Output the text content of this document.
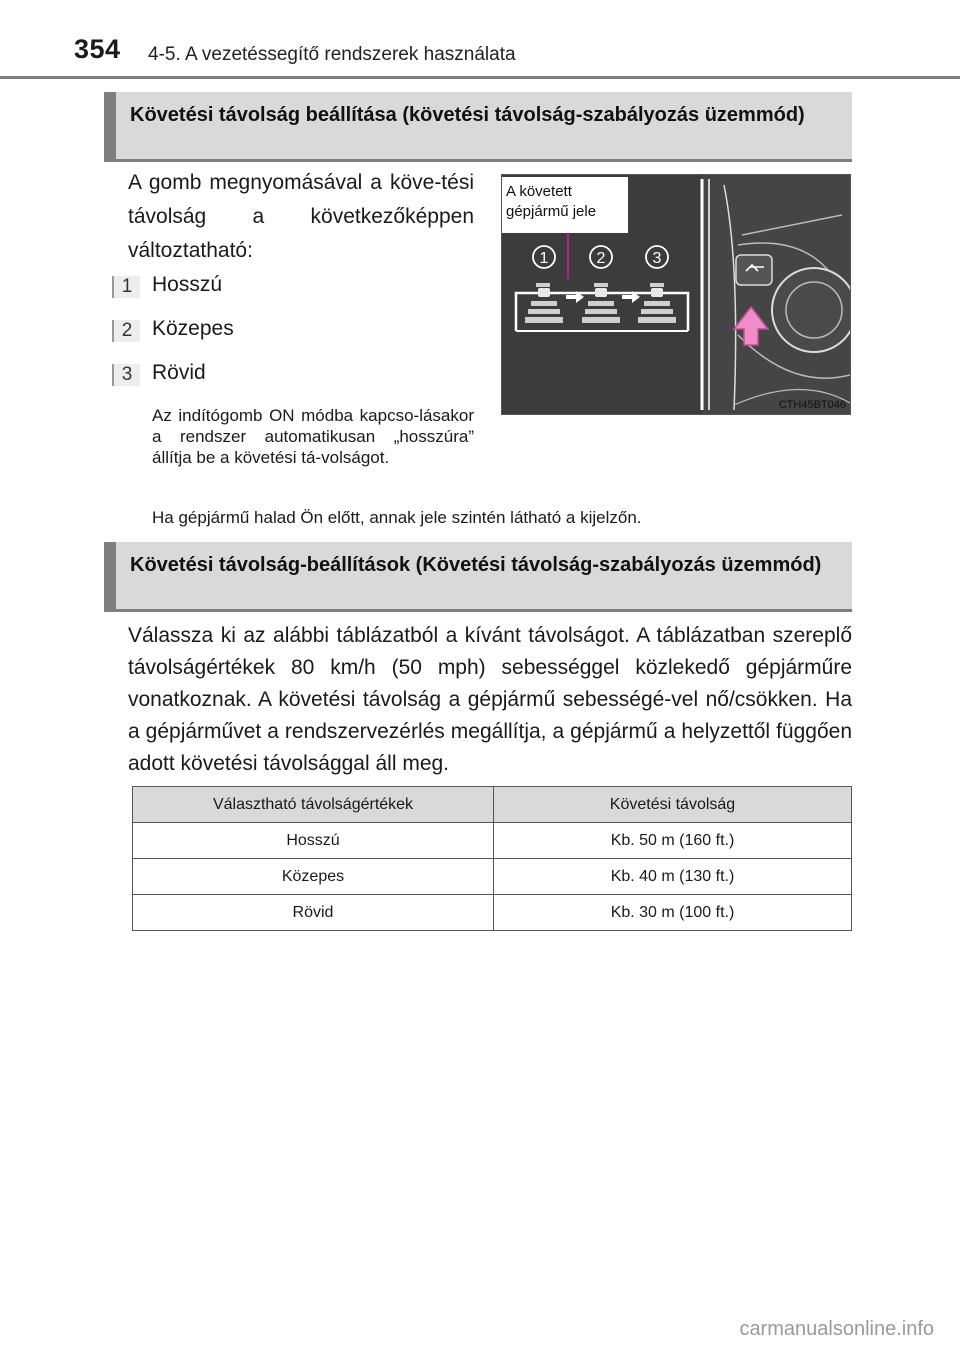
354 4-5. A vezetéssegítő rendszerek használata
Követési távolság beállítása (követési távolság-szabályozás üzemmód)
A gomb megnyomásával a köve-tési távolság a következőképpen változtatható:
1 Hosszú
2 Közepes
3 Rövid
Az indítógomb ON módba kapcso-lásakor a rendszer automatikusan „hosszúra” állítja be a követési tá-volságot.
Ha gépjármű halad Ön előtt, annak jele szintén látható a kijelzőn.
1	2	3
A követett gépjármű jele
CTH45BT046
Követési távolság-beállítások (Követési távolság-szabályozás üzemmód)
Válassza ki az alábbi táblázatból a kívánt távolságot. A táblázatban szereplő távolságértékek 80 km/h (50 mph) sebességgel közlekedő gépjárműre vonatkoznak. A követési távolság a gépjármű sebességé-vel nő/csökken. Ha a gépjárművet a rendszervezérlés megállítja, a gépjármű a helyzettől függően adott követési távolsággal áll meg.
Választható távolságértékek	Követési távolság
Hosszú	Kb. 50 m (160 ft.)
Közepes	Kb. 40 m (130 ft.)
Rövid	Kb. 30 m (100 ft.)
carmanualsonline.info
